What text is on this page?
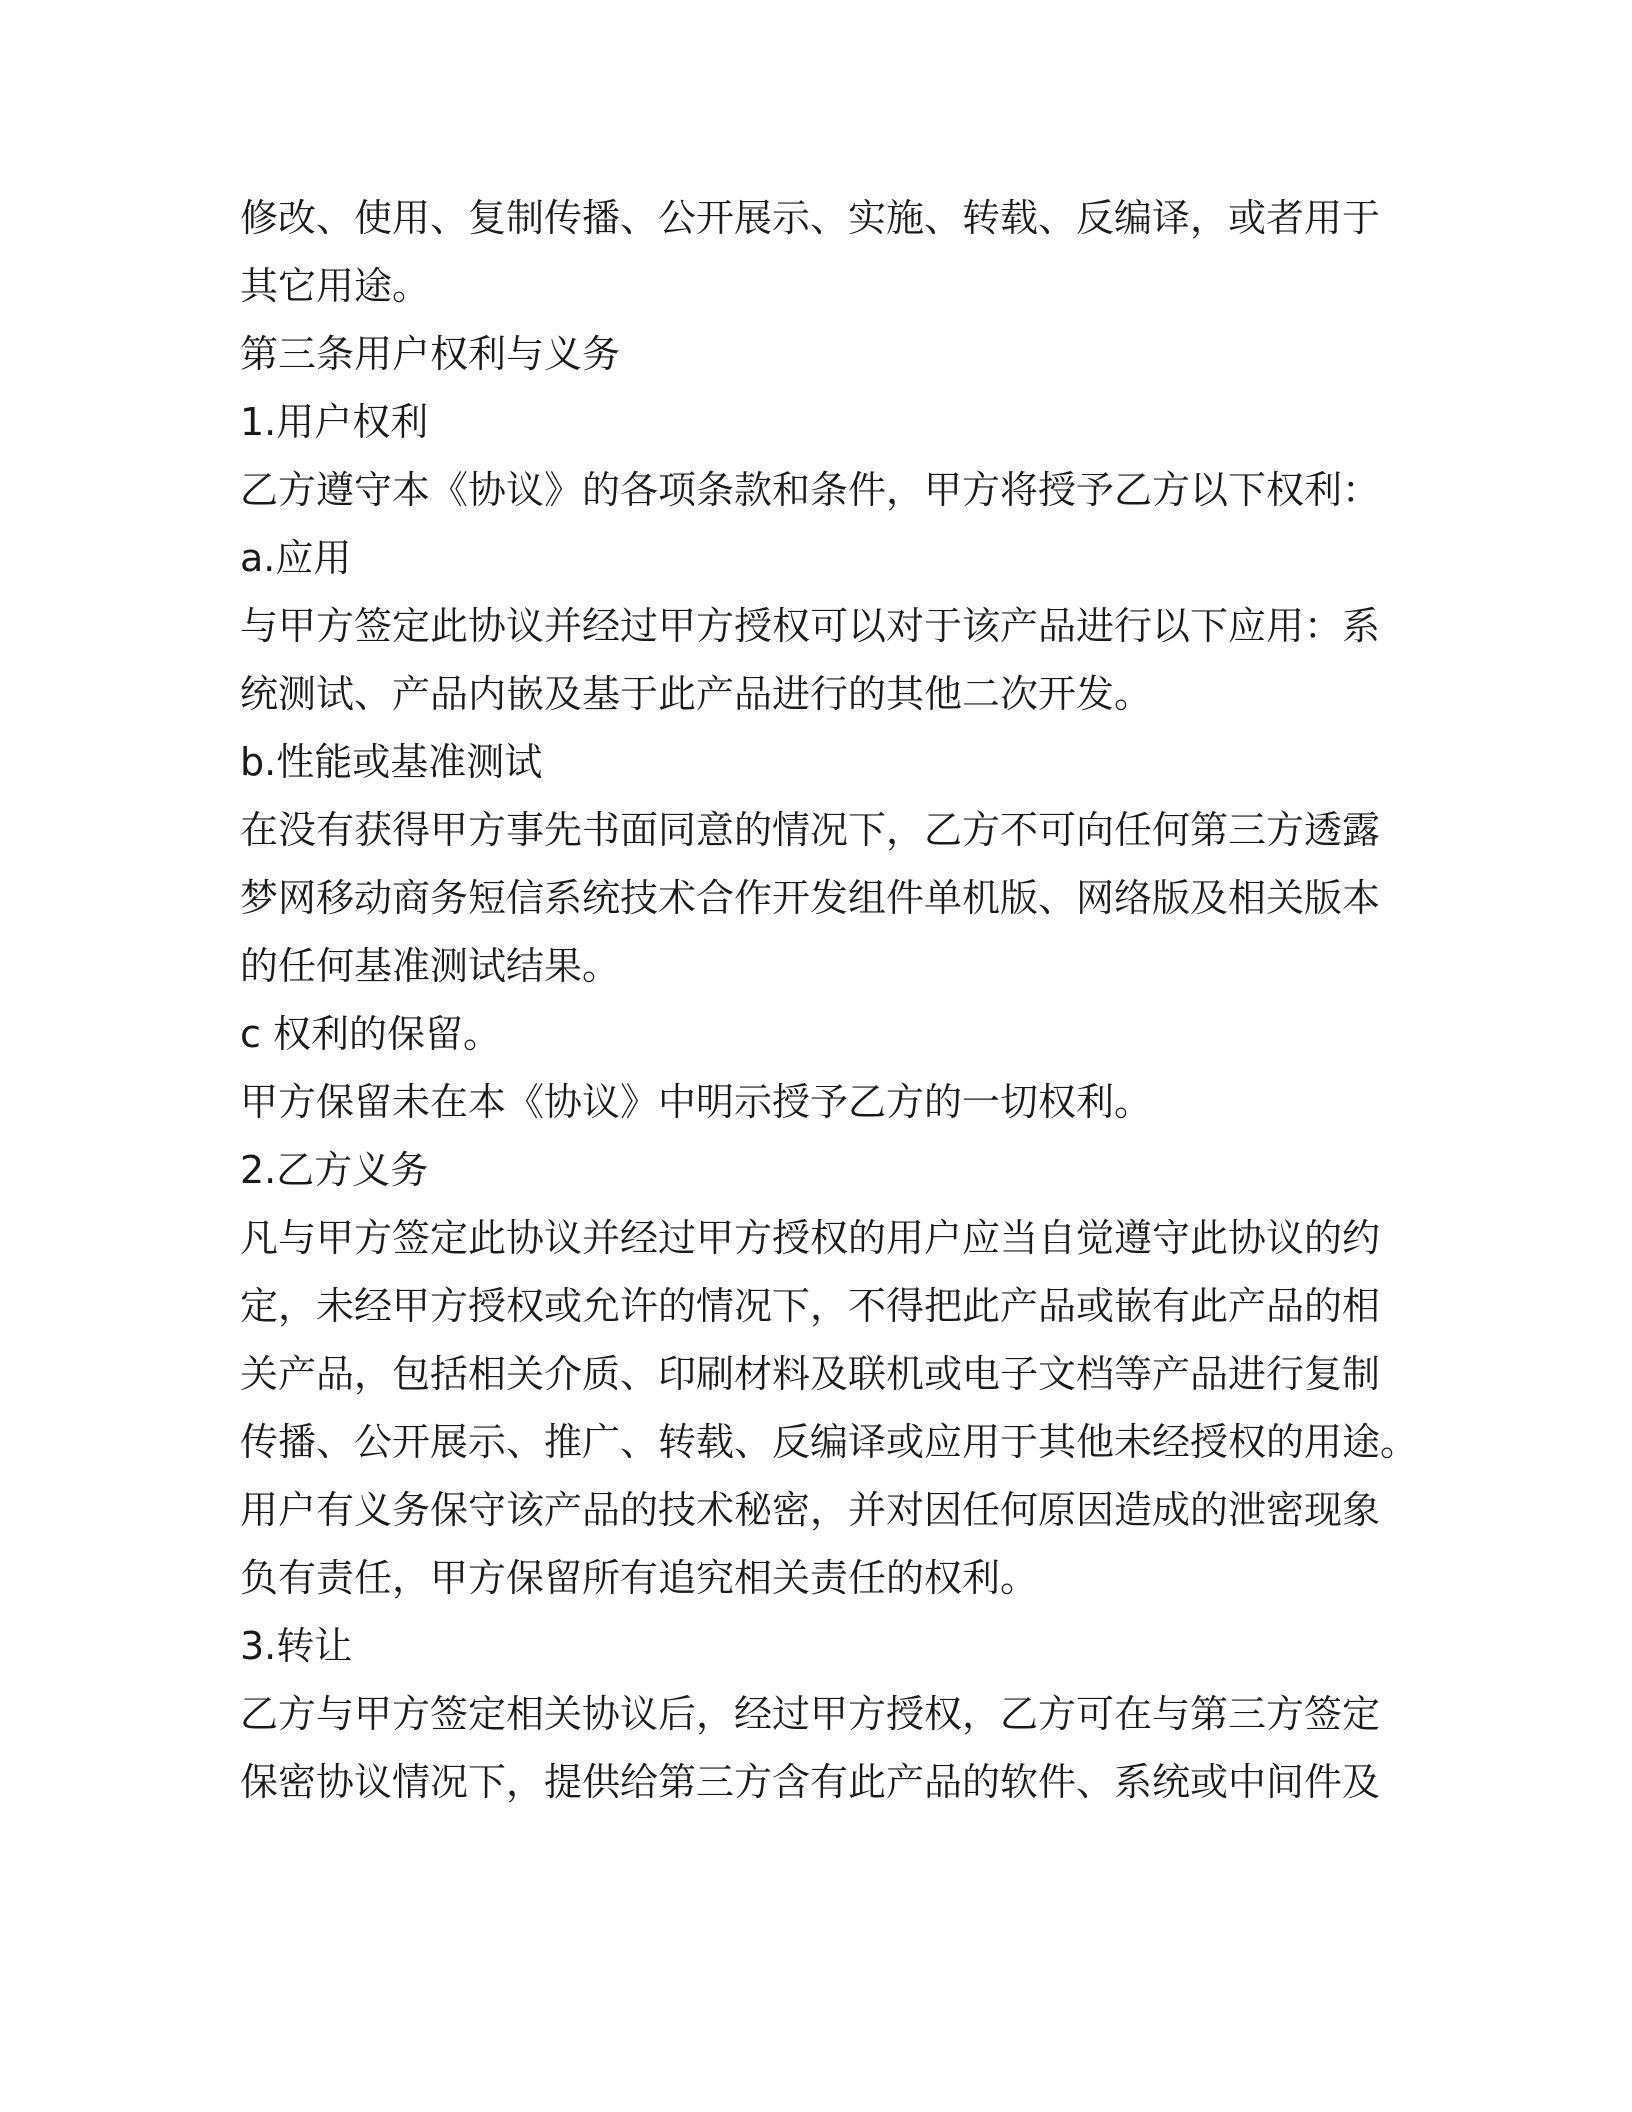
修改、使用、复制传播、公开展示、实施、转载、反编译，或者用于
其它用途。
第三条用户权利与义务
1.用户权利
乙方遵守本《协议》的各项条款和条件，甲方将授予乙方以下权利：
a.应用
与甲方签定此协议并经过甲方授权可以对于该产品进行以下应用：系
统测试、产品内嵌及基于此产品进行的其他二次开发。
b.性能或基准测试
在没有获得甲方事先书面同意的情况下，乙方不可向任何第三方透露
梦网移动商务短信系统技术合作开发组件单机版、网络版及相关版本
的任何基准测试结果。
c 权利的保留。
甲方保留未在本《协议》中明示授予乙方的一切权利。
2.乙方义务
凡与甲方签定此协议并经过甲方授权的用户应当自觉遵守此协议的约
定，未经甲方授权或允许的情况下，不得把此产品或嵌有此产品的相
关产品，包括相关介质、印刷材料及联机或电子文档等产品进行复制
传播、公开展示、推广、转载、反编译或应用于其他未经授权的用途。
用户有义务保守该产品的技术秘密，并对因任何原因造成的泄密现象
负有责任，甲方保留所有追究相关责任的权利。
3.转让
乙方与甲方签定相关协议后，经过甲方授权，乙方可在与第三方签定
保密协议情况下，提供给第三方含有此产品的软件、系统或中间件及
